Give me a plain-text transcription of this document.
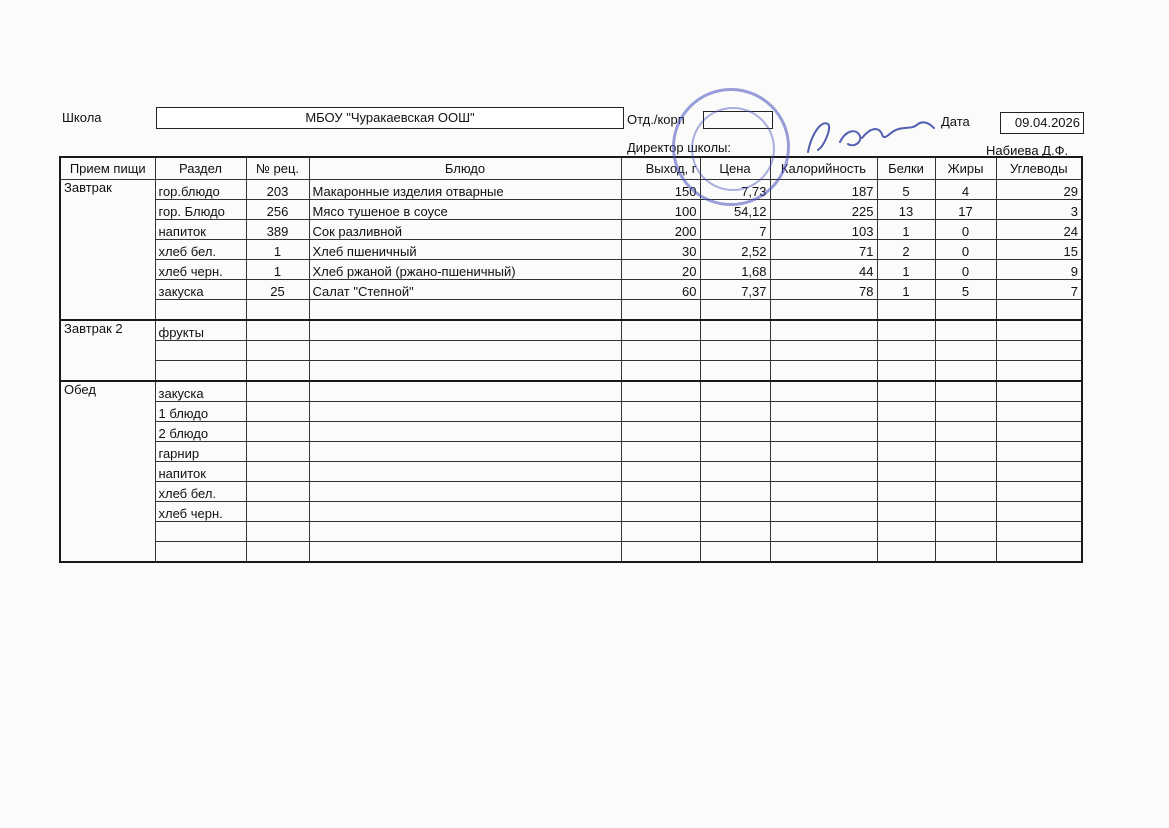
Школа	МБОУ "Чуракаевская ООШ"	Отд./корп	Дата	09.04.2026
Директор школы:	Набиева Д.Ф.
Прием пищи	Раздел	№ рец.	Блюдо	Выход, г	Цена	Калорийность	Белки	Жиры	Углеводы
Завтрак	гор.блюдо	203	Макаронные изделия отварные	150	7,73	187	5	4	29
	гор. Блюдо	256	Мясо тушеное в соусе	100	54,12	225	13	17	3
	напиток	389	Сок разливной	200	7	103	1	0	24
	хлеб бел.	1	Хлеб пшеничный	30	2,52	71	2	0	15
	хлеб черн.	1	Хлеб ржаной (ржано-пшеничный)	20	1,68	44	1	0	9
	закуска	25	Салат "Степной"	60	7,37	78	1	5	7

Завтрак 2	фрукты								

Обед	закуска								
	1 блюдо								
	2 блюдо								
	гарнир								
	напиток								
	хлеб бел.								
	хлеб черн.								
